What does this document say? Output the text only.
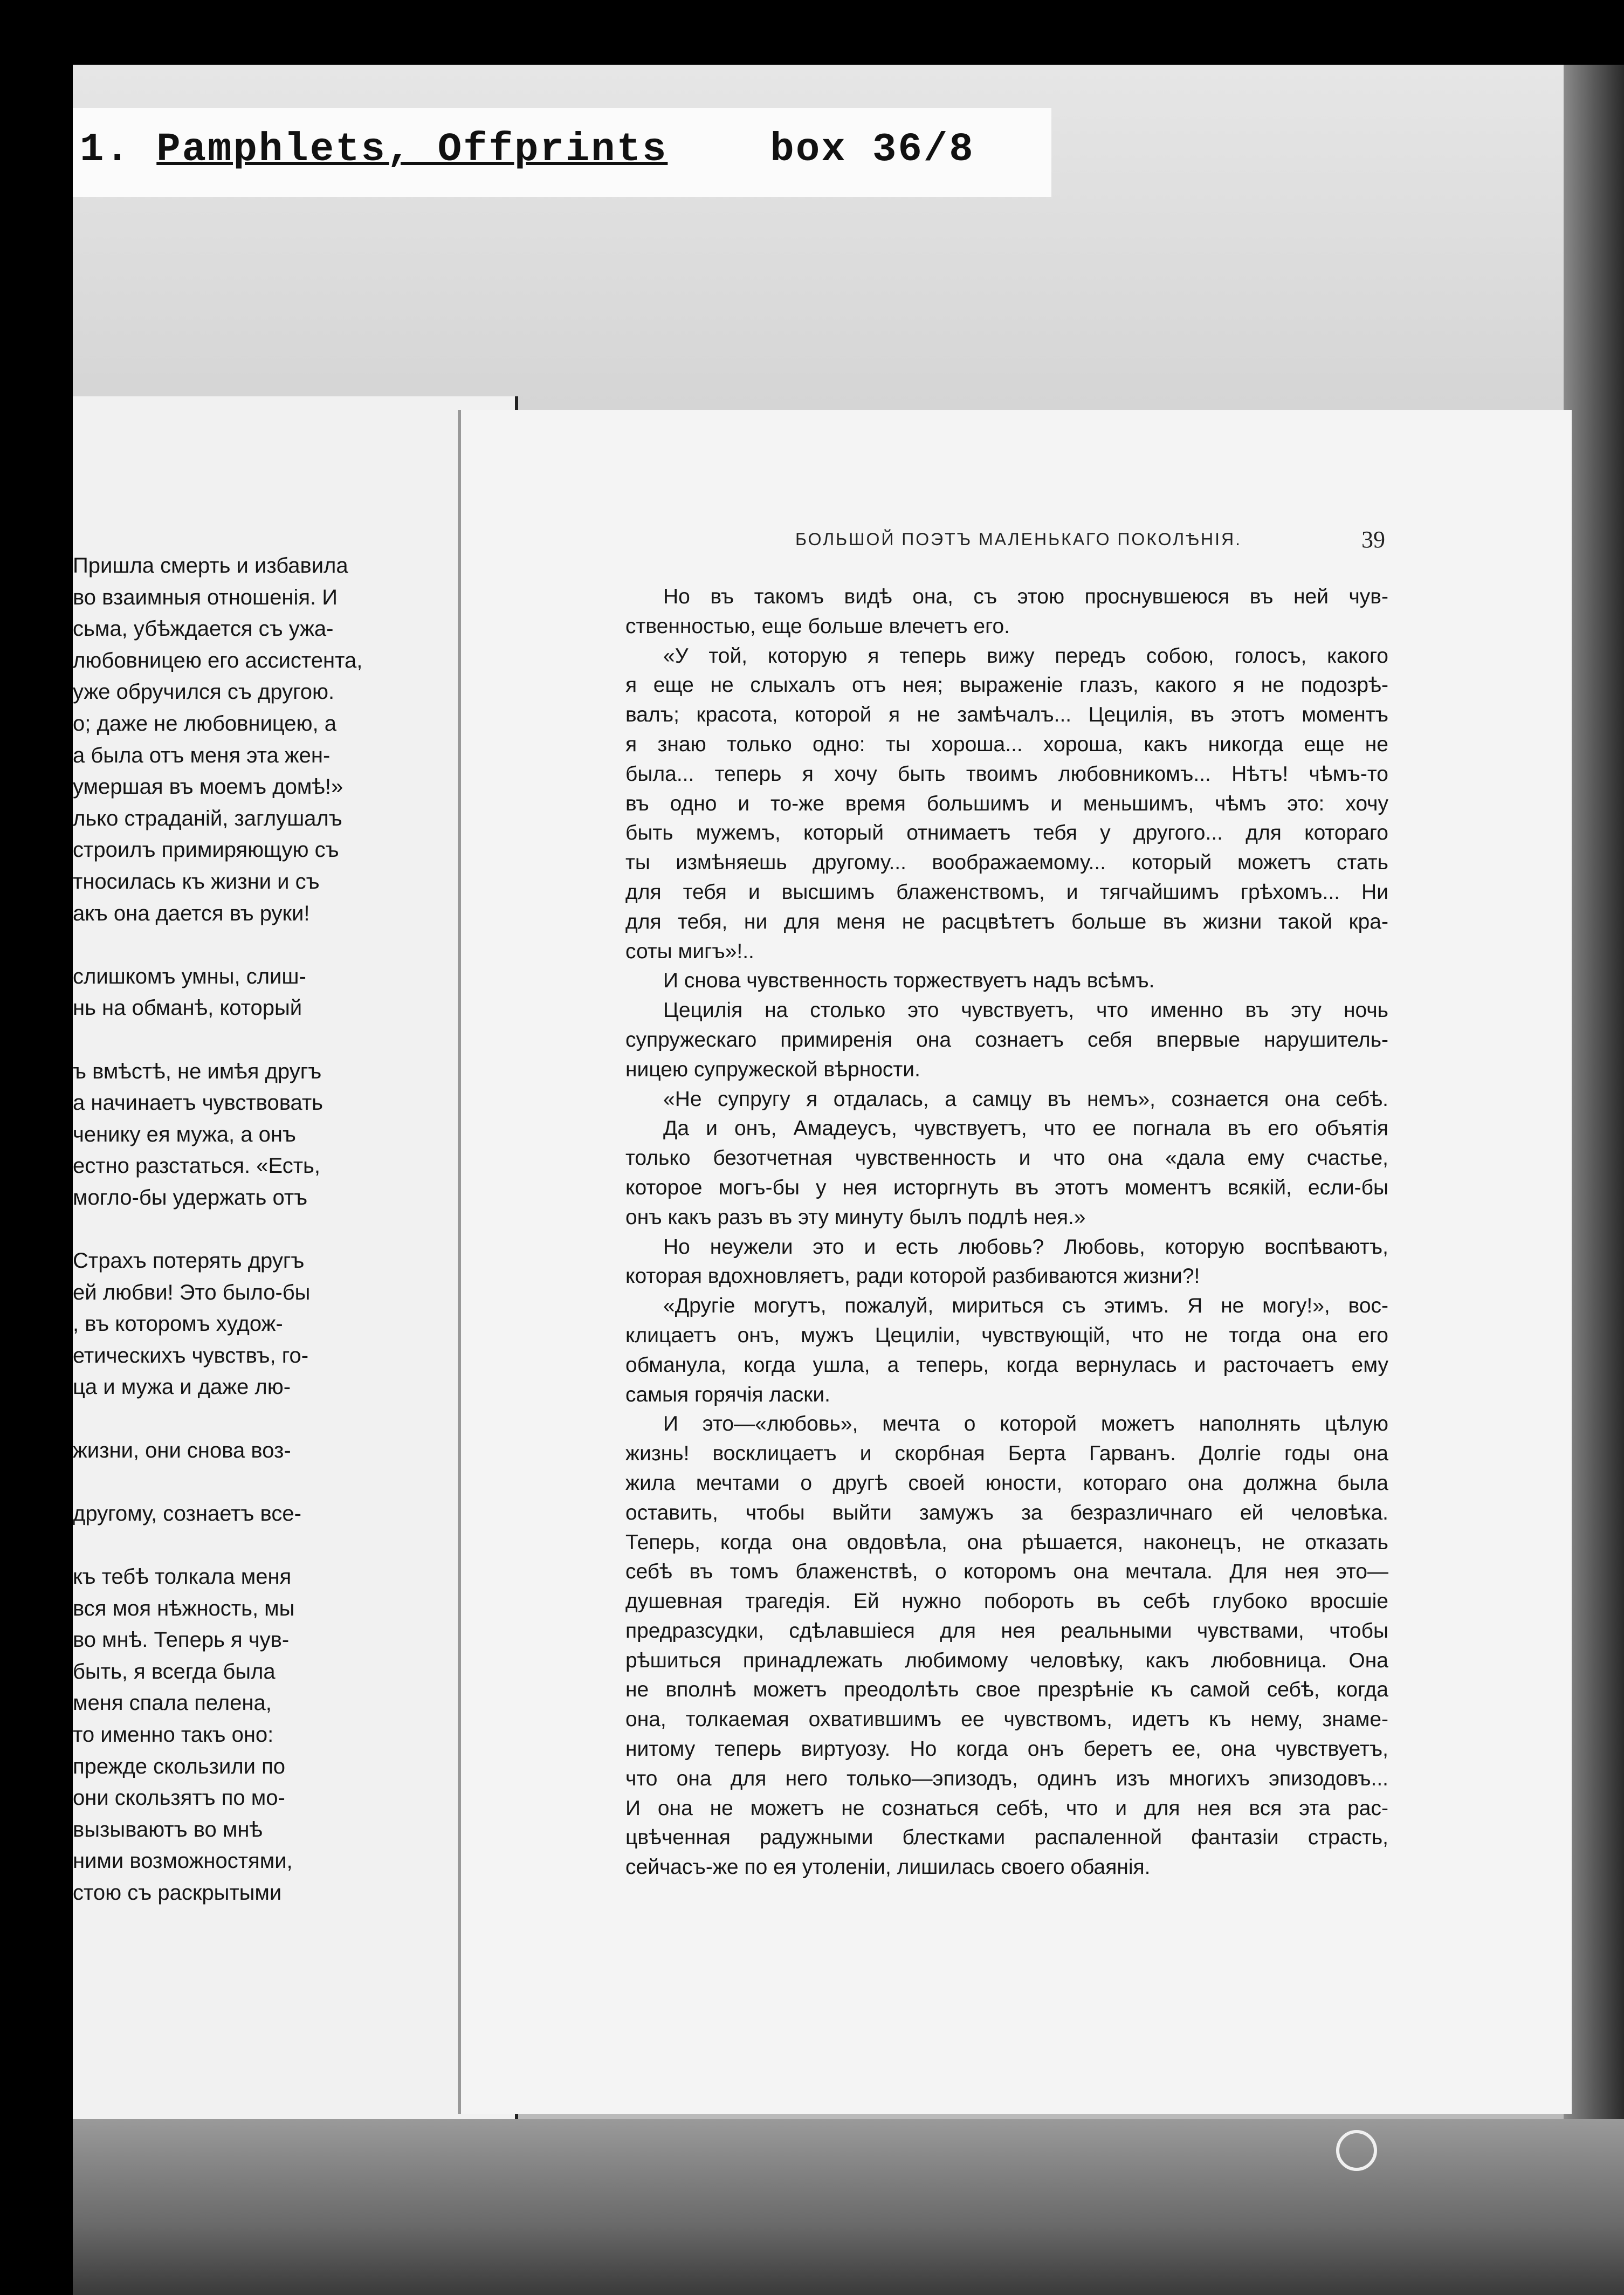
1. Pamphlets, Offprints	box 36/8
Пришла смерть и избавила
во взаимныя отношенія. И
сьма, убѣждается съ ужа-
любовницею его ассистента,
уже обручился съ другою.
о; даже не любовницею, а
а была отъ меня эта жен-
умершая въ моемъ домѣ!»
лько страданій, заглушалъ
строилъ примиряющую съ
тносилась къ жизни и съ
акъ она дается въ руки!
слишкомъ умны, слиш-
нь на обманѣ, который
ъ вмѣстѣ, не имѣя другъ
а начинаетъ чувствовать
ченику ея мужа, а онъ
естно разстаться. «Есть,
могло-бы удержать отъ
Страхъ потерять другъ
ей любви! Это было-бы
, въ которомъ худож-
етическихъ чувствъ, го-
ца и мужа и даже лю-
жизни, они снова воз-
другому, сознаетъ все-
къ тебѣ толкала меня
вся моя нѣжность, мы
во мнѣ. Теперь я чув-
быть, я всегда была
меня спала пелена,
то именно такъ оно:
прежде скользили по
они скользятъ по мо-
вызываютъ во мнѣ
ними возможностями,
стою съ раскрытыми
БОЛЬШОЙ ПОЭТЪ МАЛЕНЬКАГО ПОКОЛѢНІЯ.	39
Но въ такомъ видѣ она, съ этою проснувшеюся въ ней чув-
ственностью, еще больше влечетъ его.
«У той, которую я теперь вижу передъ собою, голосъ, какого
я еще не слыхалъ отъ нея; выраженіе глазъ, какого я не подозрѣ-
валъ; красота, которой я не замѣчалъ... Цецилія, въ этотъ моментъ
я знаю только одно: ты хороша... хороша, какъ никогда еще не
была... теперь я хочу быть твоимъ любовникомъ... Нѣтъ! чѣмъ-то
въ одно и то-же время большимъ и меньшимъ, чѣмъ это: хочу
быть мужемъ, который отнимаетъ тебя у другого... для котораго
ты измѣняешь другому... воображаемому... который можетъ стать
для тебя и высшимъ блаженствомъ, и тягчайшимъ грѣхомъ... Ни
для тебя, ни для меня не расцвѣтетъ больше въ жизни такой кра-
соты мигъ»!..
И снова чувственность торжествуетъ надъ всѣмъ.
Цецилія на столько это чувствуетъ, что именно въ эту ночь
супружескаго примиренія она сознаетъ себя впервые нарушитель-
ницею супружеской вѣрности.
«Не супругу я отдалась, а самцу въ немъ», сознается она себѣ.
Да и онъ, Амадеусъ, чувствуетъ, что ее погнала въ его объятія
только безотчетная чувственность и что она «дала ему счастье,
которое могъ-бы у нея исторгнуть въ этотъ моментъ всякій, если-бы
онъ какъ разъ въ эту минуту былъ подлѣ нея.»
Но неужели это и есть любовь? Любовь, которую воспѣваютъ,
которая вдохновляетъ, ради которой разбиваются жизни?!
«Другіе могутъ, пожалуй, мириться съ этимъ. Я не могу!», вос-
клицаетъ онъ, мужъ Цециліи, чувствующій, что не тогда она его
обманула, когда ушла, а теперь, когда вернулась и расточаетъ ему
самыя горячія ласки.
И это—«любовь», мечта о которой можетъ наполнять цѣлую
жизнь! восклицаетъ и скорбная Берта Гарванъ. Долгіе годы она
жила мечтами о другѣ своей юности, котораго она должна была
оставить, чтобы выйти замужъ за безразличнаго ей человѣка.
Теперь, когда она овдовѣла, она рѣшается, наконецъ, не отказать
себѣ въ томъ блаженствѣ, о которомъ она мечтала. Для нея это—
душевная трагедія. Ей нужно побороть въ себѣ глубоко вросшіе
предразсудки, сдѣлавшіеся для нея реальными чувствами, чтобы
рѣшиться принадлежать любимому человѣку, какъ любовница. Она
не вполнѣ можетъ преодолѣть свое презрѣніе къ самой себѣ, когда
она, толкаемая охватившимъ ее чувствомъ, идетъ къ нему, знаме-
нитому теперь виртуозу. Но когда онъ беретъ ее, она чувствуетъ,
что она для него только—эпизодъ, одинъ изъ многихъ эпизодовъ...
И она не можетъ не сознаться себѣ, что и для нея вся эта рас-
цвѣченная радужными блестками распаленной фантазіи страсть,
сейчасъ-же по ея утоленіи, лишилась своего обаянія.
